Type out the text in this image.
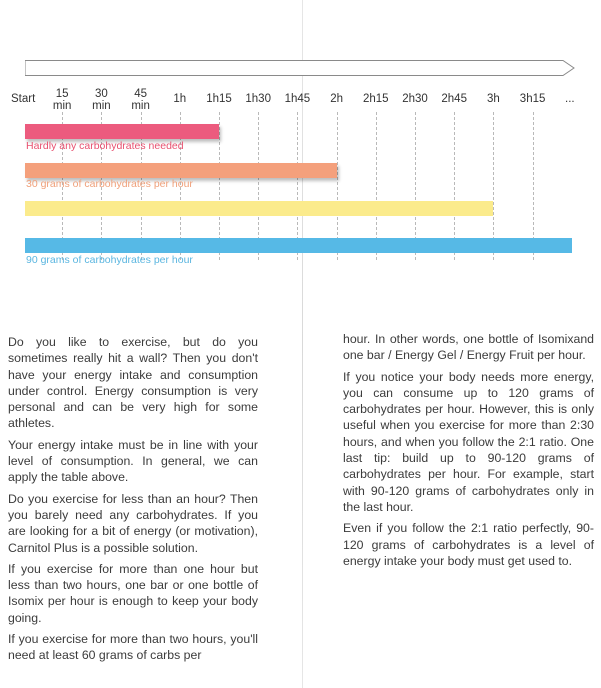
Start 15
min
30
min
45
min
1h 1h15 1h30 1h45 2h 2h15 2h30 2h45 3h 3h15 ...
Hardly any carbohydrates needed
30 grams of carbohydrates per hour
90 grams of carbohydrates per hour

Do you like to exercise, but do you sometimes really hit a wall? Then you don't have your energy intake and consumption under control. Energy consumption is very personal and can be very high for some athletes.

Your energy intake must be in line with your level of consumption. In general, we can apply the table above.

Do you exercise for less than an hour? Then you barely need any carbohydrates. If you are looking for a bit of energy (or motivation), Carnitol Plus is a possible solution.

If you exercise for more than one hour but less than two hours, one bar or one bottle of Isomix per hour is enough to keep your body going.

If you exercise for more than two hours, you'll need at least 60 grams of carbs per

hour. In other words, one bottle of Isomixand one bar / Energy Gel / Energy Fruit per hour.

If you notice your body needs more energy, you can consume up to 120 grams of carbohydrates per hour. However, this is only useful when you exercise for more than 2:30 hours, and when you follow the 2:1 ratio. One last tip: build up to 90-120 grams of carbohydrates per hour. For example, start with 90-120 grams of carbohydrates only in the last hour.

Even if you follow the 2:1 ratio perfectly, 90-120 grams of carbohydrates is a level of energy intake your body must get used to.
